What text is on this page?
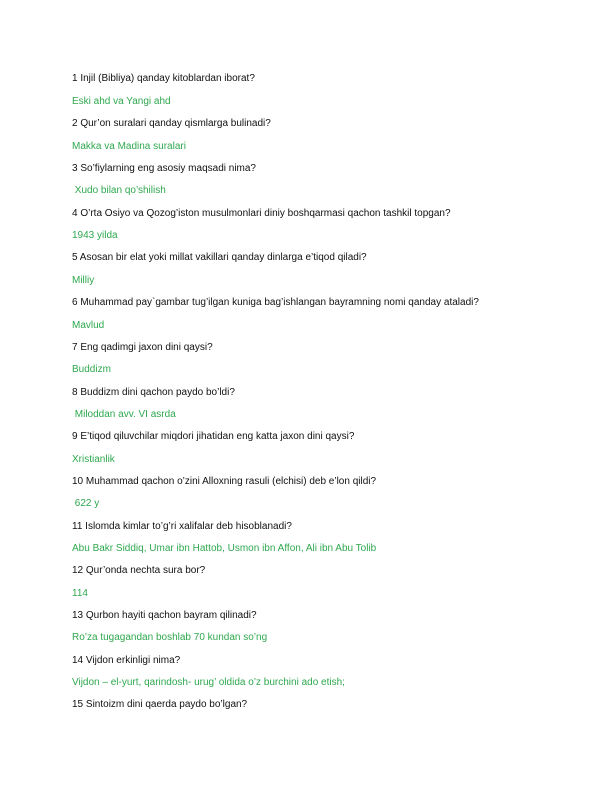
1 Injil (Bibliya) qanday kitoblardan iborat?
Eski ahd va Yangi ahd
2 Qur’on suralari qanday qismlarga bulinadi?
Makka va Madina suralari
3 So’fiylarning eng asosiy maqsadi nima?
Xudo bilan qo’shilish
4 O’rta Osiyo va Qozog’iston musulmonlari diniy boshqarmasi qachon tashkil topgan?
1943 yilda
5 Asosan bir elat yoki millat vakillari qanday dinlarga e’tiqod qiladi?
Milliy
6 Muhammad pay`gambar tug’ilgan kuniga bag’ishlangan bayramning nomi qanday ataladi?
Mavlud
7 Eng qadimgi jaxon dini qaysi?
Buddizm
8 Buddizm dini qachon paydo bo’ldi?
Miloddan avv. VI asrda
9 E’tiqod qiluvchilar miqdori jihatidan eng katta jaxon dini qaysi?
Xristianlik
10 Muhammad qachon o’zini Alloxning rasuli (elchisi) deb e’lon qildi?
622 y
11 Islomda kimlar to’g’ri xalifalar deb hisoblanadi?
Abu Bakr Siddiq, Umar ibn Hattob, Usmon ibn Affon, Ali ibn Abu Tolib
12 Qur’onda nechta sura bor?
114
13 Qurbon hayiti qachon bayram qilinadi?
Ro’za tugagandan boshlab 70 kundan so’ng
14 Vijdon erkinligi nima?
Vijdon – el-yurt, qarindosh- urug’ oldida o’z burchini ado etish;
15 Sintoizm dini qaerda paydo bo’lgan?
